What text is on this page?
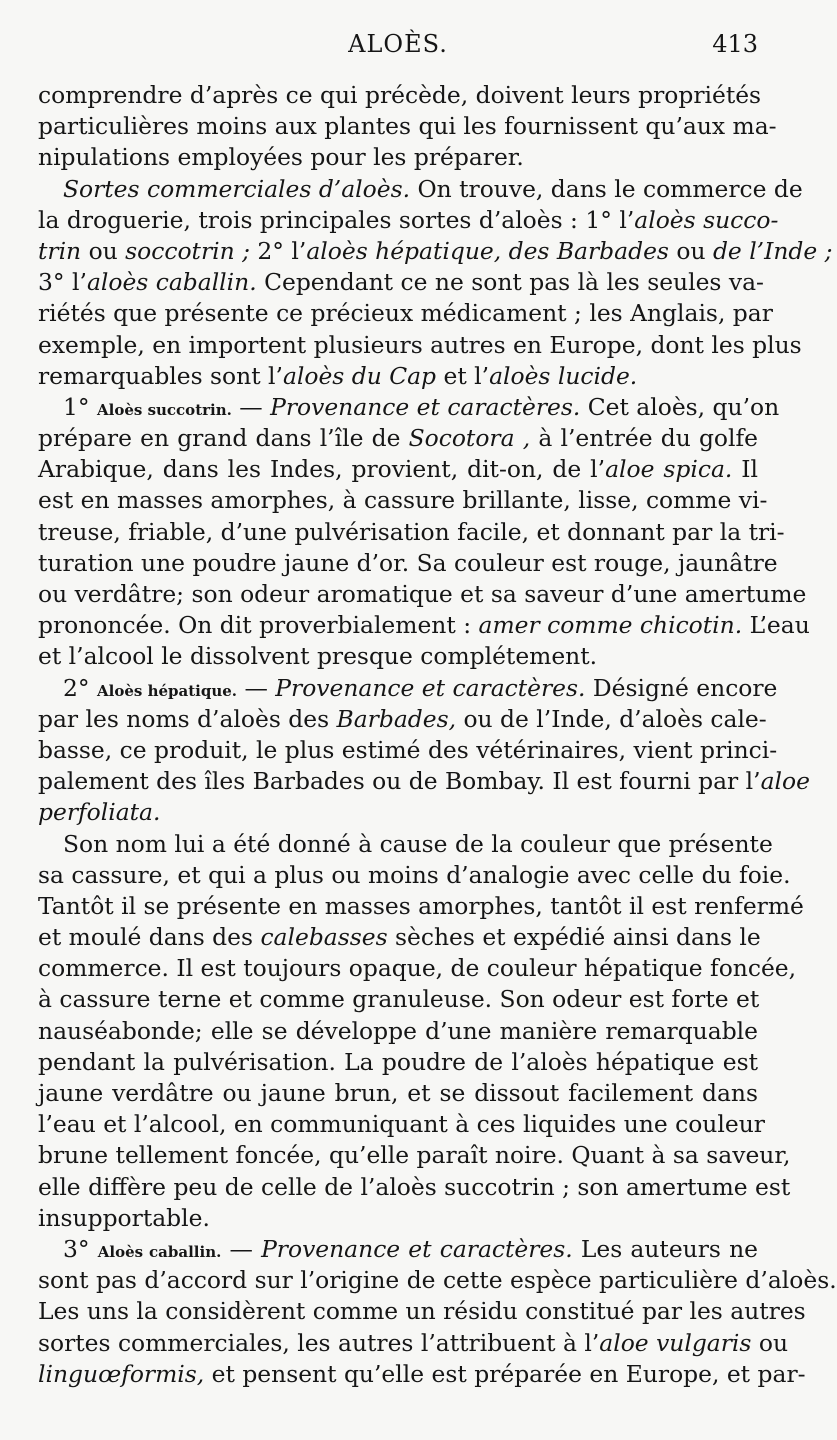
ALOÈS.	413
comprendre d’après ce qui précède, doivent leurs propriétés
particulières moins aux plantes qui les fournissent qu’aux ma-
nipulations employées pour les préparer.
Sortes commerciales d’aloès. On trouve, dans le commerce de
la droguerie, trois principales sortes d’aloès : 1° l’aloès succo-
trin ou soccotrin ; 2° l’aloès hépatique, des Barbades ou de l’Inde ;
3° l’aloès caballin. Cependant ce ne sont pas là les seules va-
riétés que présente ce précieux médicament ; les Anglais, par
exemple, en importent plusieurs autres en Europe, dont les plus
remarquables sont l’aloès du Cap et l’aloès lucide.
1° Aloès succotrin. — Provenance et caractères. Cet aloès, qu’on
prépare en grand dans l’île de Socotora , à l’entrée du golfe
Arabique, dans les Indes, provient, dit-on, de l’aloe spica. Il
est en masses amorphes, à cassure brillante, lisse, comme vi-
treuse, friable, d’une pulvérisation facile, et donnant par la tri-
turation une poudre jaune d’or. Sa couleur est rouge, jaunâtre
ou verdâtre; son odeur aromatique et sa saveur d’une amertume
prononcée. On dit proverbialement : amer comme chicotin. L’eau
et l’alcool le dissolvent presque complétement.
2° Aloès hépatique. — Provenance et caractères. Désigné encore
par les noms d’aloès des Barbades, ou de l’Inde, d’aloès cale-
basse, ce produit, le plus estimé des vétérinaires, vient princi-
palement des îles Barbades ou de Bombay. Il est fourni par l’aloe
perfoliata.
Son nom lui a été donné à cause de la couleur que présente
sa cassure, et qui a plus ou moins d’analogie avec celle du foie.
Tantôt il se présente en masses amorphes, tantôt il est renfermé
et moulé dans des calebasses sèches et expédié ainsi dans le
commerce. Il est toujours opaque, de couleur hépatique foncée,
à cassure terne et comme granuleuse. Son odeur est forte et
nauséabonde; elle se développe d’une manière remarquable
pendant la pulvérisation. La poudre de l’aloès hépatique est
jaune verdâtre ou jaune brun, et se dissout facilement dans
l’eau et l’alcool, en communiquant à ces liquides une couleur
brune tellement foncée, qu’elle paraît noire. Quant à sa saveur,
elle diffère peu de celle de l’aloès succotrin ; son amertume est
insupportable.
3° Aloès caballin. — Provenance et caractères. Les auteurs ne
sont pas d’accord sur l’origine de cette espèce particulière d’aloès.
Les uns la considèrent comme un résidu constitué par les autres
sortes commerciales, les autres l’attribuent à l’aloe vulgaris ou
linguœformis, et pensent qu’elle est préparée en Europe, et par-
